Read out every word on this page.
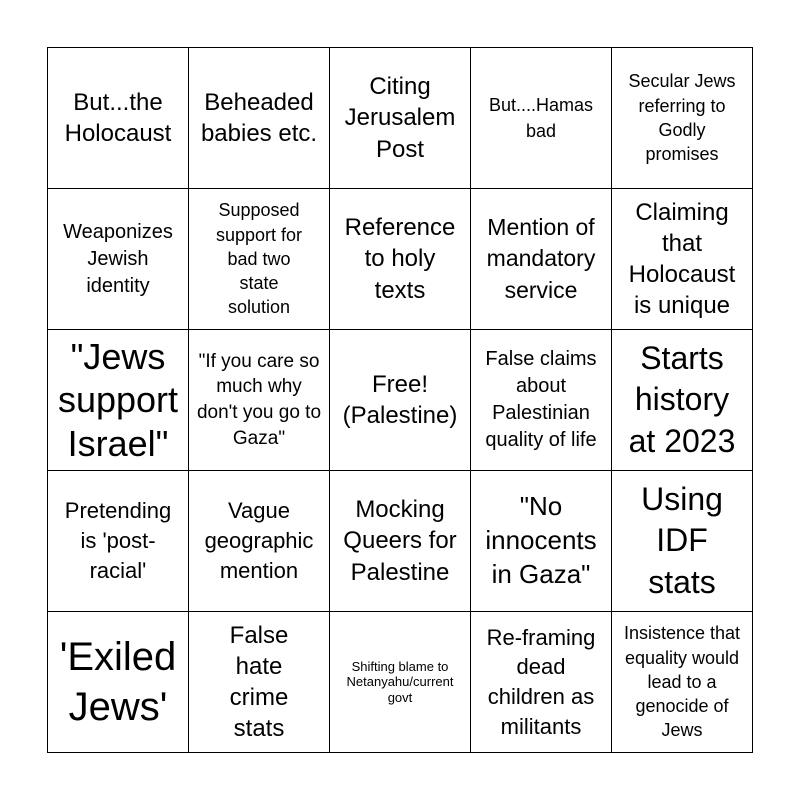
But...the Holocaust
Beheaded babies etc.
Citing Jerusalem Post
But....Hamas bad
Secular Jews referring to Godly promises
Weaponizes Jewish identity
Supposed support for bad two state solution
Reference to holy texts
Mention of mandatory service
Claiming that Holocaust is unique
"Jews support Israel"
"If you care so much why don't you go to Gaza"
Free! (Palestine)
False claims about Palestinian quality of life
Starts history at 2023
Pretending is 'post-racial'
Vague geographic mention
Mocking Queers for Palestine
"No innocents in Gaza"
Using IDF stats
'Exiled Jews'
False hate crime stats
Shifting blame to Netanyahu/current govt
Re-framing dead children as militants
Insistence that equality would lead to a genocide of Jews
